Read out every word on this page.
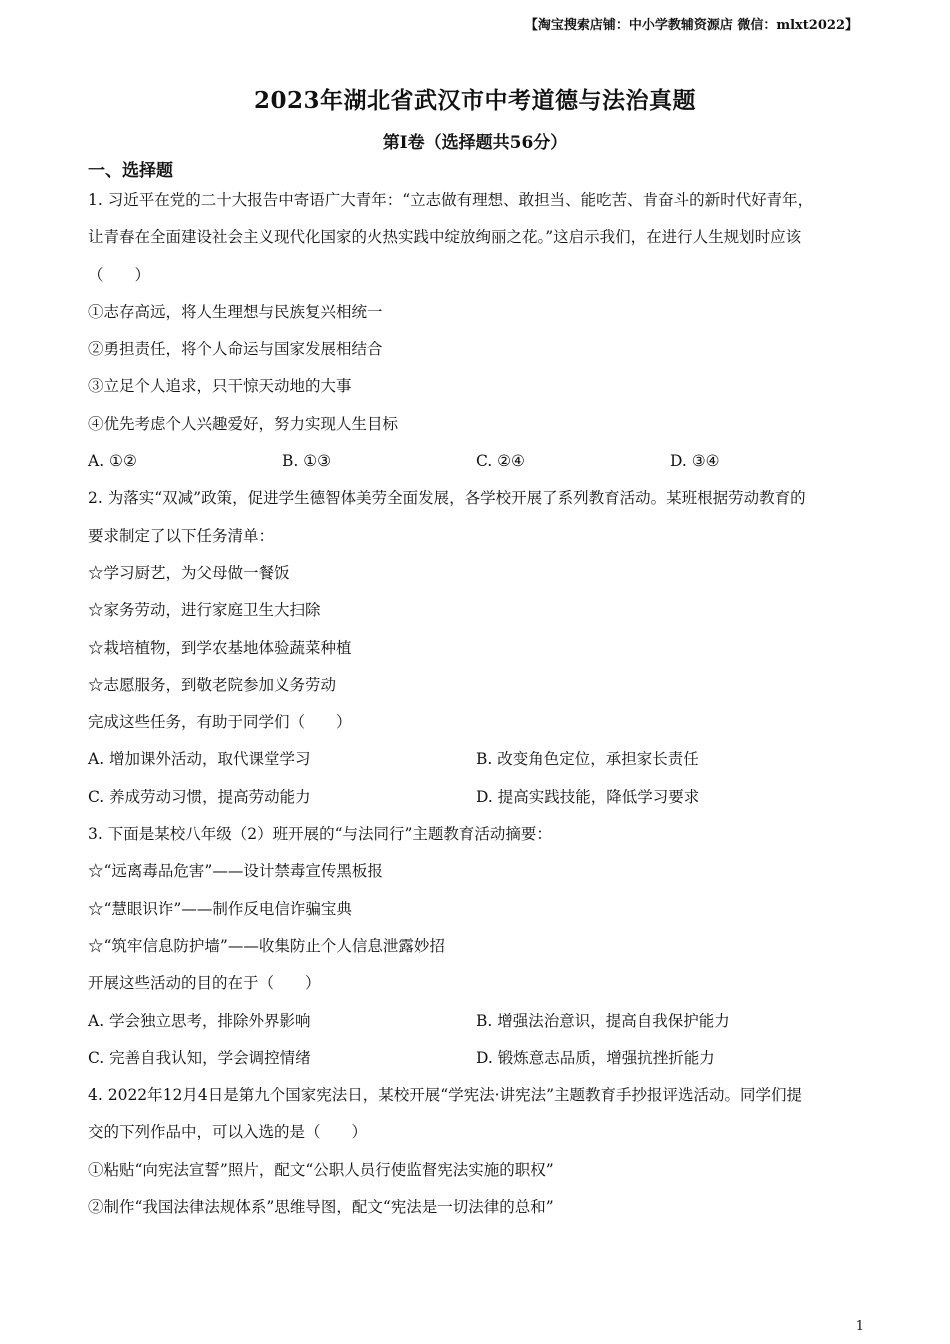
【淘宝搜索店铺：中小学教辅资源店 微信：mlxt2022】
2023年湖北省武汉市中考道德与法治真题
第I卷（选择题共56分）
一、选择题
1. 习近平在党的二十大报告中寄语广大青年：“立志做有理想、敢担当、能吃苦、肯奋斗的新时代好青年，
让青春在全面建设社会主义现代化国家的火热实践中绽放绚丽之花。”这启示我们，在进行人生规划时应该
（　　）
①志存高远，将人生理想与民族复兴相统一
②勇担责任，将个人命运与国家发展相结合
③立足个人追求，只干惊天动地的大事
④优先考虑个人兴趣爱好，努力实现人生目标
A. ①②	B. ①③	C. ②④	D. ③④
2. 为落实“双减”政策，促进学生德智体美劳全面发展，各学校开展了系列教育活动。某班根据劳动教育的
要求制定了以下任务清单：
☆学习厨艺，为父母做一餐饭
☆家务劳动，进行家庭卫生大扫除
☆栽培植物，到学农基地体验蔬菜种植
☆志愿服务，到敬老院参加义务劳动
完成这些任务，有助于同学们（　　）
A. 增加课外活动，取代课堂学习	B. 改变角色定位，承担家长责任
C. 养成劳动习惯，提高劳动能力	D. 提高实践技能，降低学习要求
3. 下面是某校八年级（2）班开展的“与法同行”主题教育活动摘要：
☆“远离毒品危害”——设计禁毒宣传黑板报
☆“慧眼识诈”——制作反电信诈骗宝典
☆“筑牢信息防护墙”——收集防止个人信息泄露妙招
开展这些活动的目的在于（　　）
A. 学会独立思考，排除外界影响	B. 增强法治意识，提高自我保护能力
C. 完善自我认知，学会调控情绪	D. 锻炼意志品质，增强抗挫折能力
4. 2022年12月4日是第九个国家宪法日，某校开展“学宪法·讲宪法”主题教育手抄报评选活动。同学们提
交的下列作品中，可以入选的是（　　）
①粘贴“向宪法宣誓”照片，配文“公职人员行使监督宪法实施的职权”
②制作“我国法律法规体系”思维导图，配文“宪法是一切法律的总和”
1
